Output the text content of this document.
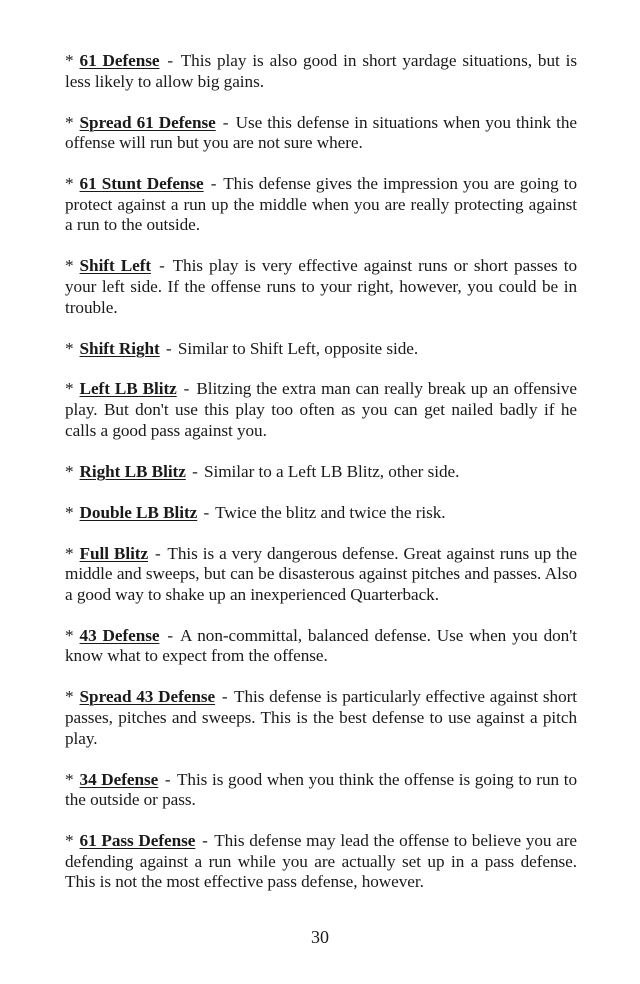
* 61 Defense - This play is also good in short yardage situations, but is less likely to allow big gains.

* Spread 61 Defense - Use this defense in situations when you think the offense will run but you are not sure where.

* 61 Stunt Defense - This defense gives the impression you are going to protect against a run up the middle when you are really protecting against a run to the outside.

* Shift Left - This play is very effective against runs or short passes to your left side. If the offense runs to your right, however, you could be in trouble.

* Shift Right - Similar to Shift Left, opposite side.

* Left LB Blitz - Blitzing the extra man can really break up an offensive play. But don't use this play too often as you can get nailed badly if he calls a good pass against you.

* Right LB Blitz - Similar to a Left LB Blitz, other side.

* Double LB Blitz - Twice the blitz and twice the risk.

* Full Blitz - This is a very dangerous defense. Great against runs up the middle and sweeps, but can be disasterous against pitches and passes. Also a good way to shake up an inexperienced Quarterback.

* 43 Defense - A non-committal, balanced defense. Use when you don't know what to expect from the offense.

* Spread 43 Defense - This defense is particularly effective against short passes, pitches and sweeps. This is the best defense to use against a pitch play.

* 34 Defense - This is good when you think the offense is going to run to the outside or pass.

* 61 Pass Defense - This defense may lead the offense to believe you are defending against a run while you are actually set up in a pass defense. This is not the most effective pass defense, however.

30
